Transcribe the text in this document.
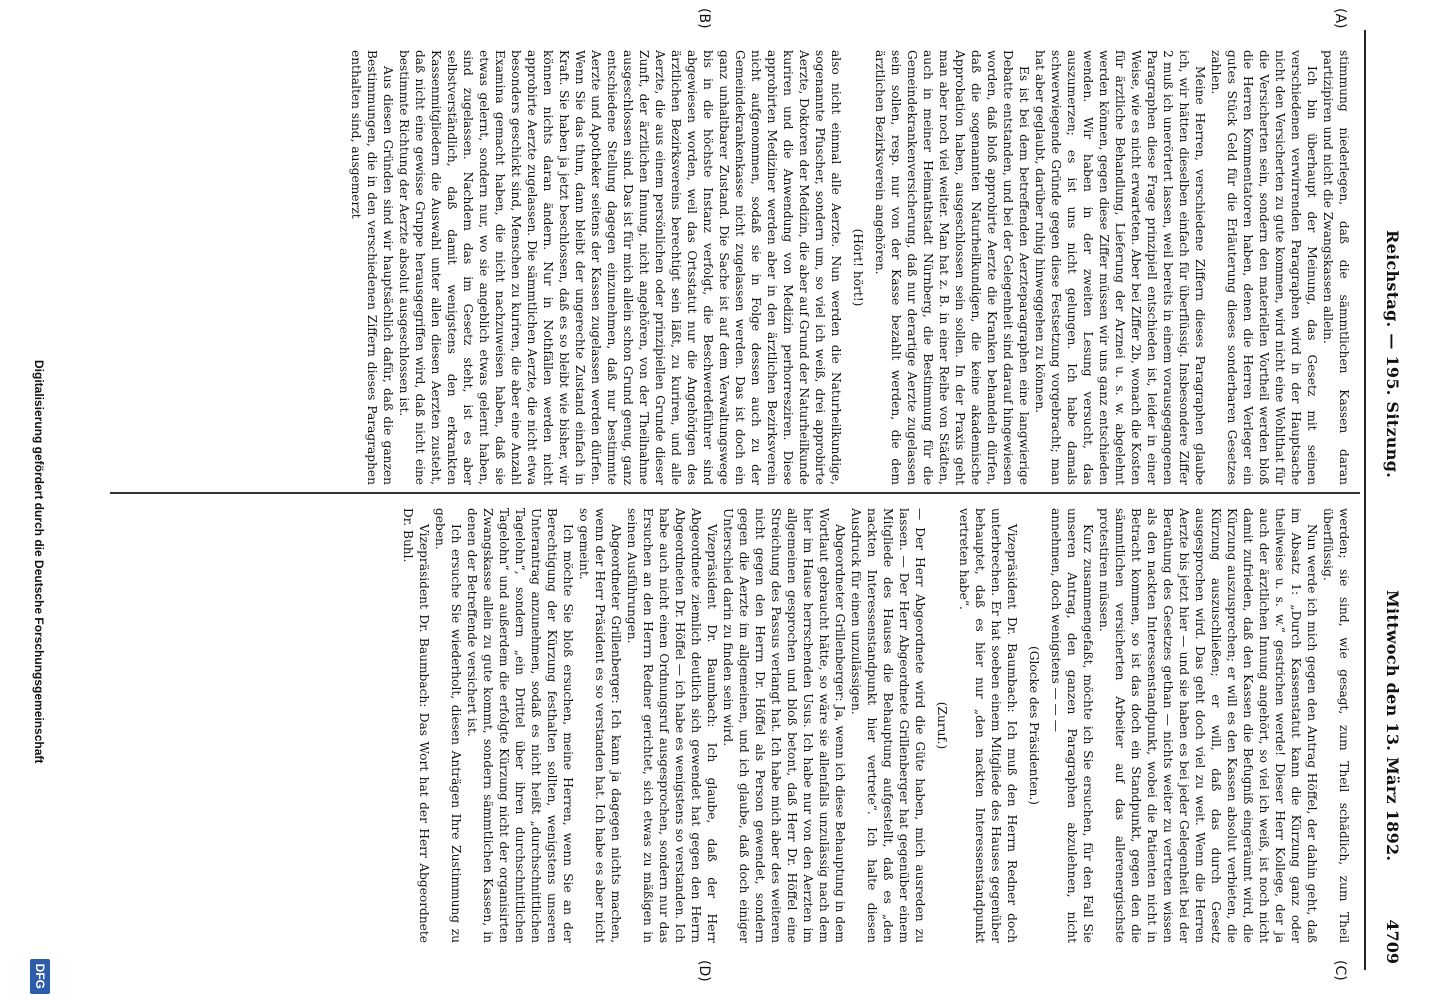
Reichstag. — 195. Sitzung.
Mittwoch den 13. März 1892.
4709
(A)
(B)
(C)
(D)

stimmung niederlegen, daß die sämmtlichen Kassen daran partizipiren und nicht die Zwangskassen allein.

Ich bin überhaupt der Meinung, das Gesetz mit seinen verschiedenen verwirrenden Paragraphen wird in der Hauptsache nicht den Versicherten zu gute kommen, wird nicht eine Wohlthat für die Versicherten sein, sondern den materiellen Vortheil werden bloß die Herren Kommentatoren haben, denen die Herren Verleger ein gutes Stück Geld für die Erläuterung dieses sonderbaren Gesetzes zahlen.

Meine Herren, verschiedene Ziffern dieses Paragraphen glaube ich, wir hätten dieselben einfach für überflüssig. Insbesondere Ziffer 2 muß ich unerörtert lassen, weil bereits in einem vorausgegangenen Paragraphen diese Frage prinzipiell entschieden ist, leider in einer Weise, wie es nicht erwarteten. Aber bei Ziffer 2b, wonach die Kosten für ärztliche Behandlung, Lieferung der Arznei u. s. w. abgelehnt werden können, gegen diese Ziffer müssen wir uns ganz entschieden wenden. Wir haben in der zweiten Lesung versucht, das auszumerzen; es ist uns nicht gelungen. Ich habe damals schwerwiegende Gründe gegen diese Festsetzung vorgebracht; man hat aber geglaubt, darüber ruhig hinweggehen zu können.

Es ist bei dem betreffenden Aerzteparagraphen eine langwierige Debatte entstanden, und bei der Gelegenheit sind darauf hingewiesen worden, daß bloß approbirte Aerzte die Kranken behandeln dürfen, daß die sogenannten Naturheilkundigen, die keine akademische Approbation haben, ausgeschlossen sein sollen. In der Praxis geht man aber noch viel weiter. Man hat z. B. in einer Reihe von Städten, auch in meiner Heimathstadt Nürnberg, die Bestimmung für die Gemeindekrankenversicherung, daß nur derartige Aerzte zugelassen sein sollen, resp. nur von der Kasse bezahlt werden, die dem ärztlichen Bezirksverein angehören.

(Hört! hört!)

also nicht einmal alle Aerzte. Nun werden die Naturheilkundige, sogenannte Pfuscher, sondern um, so viel ich weiß, drei approbirte Aerzte, Doktoren der Medizin, die aber auf Grund der Naturheilkunde kuriren und die Anwendung von Medizin perhorresziren. Diese approbirten Mediziner werden aber in den ärztlichen Bezirksverein nicht aufgenommen, sodaß sie in Folge dessen auch zu der Gemeindekrankenkasse nicht zugelassen werden. Das ist doch ein ganz unhaltbarer Zustand. Die Sache ist auf dem Verwaltungswege bis in die höchste Instanz verfolgt, die Beschwerdeführer sind abgewiesen worden, weil das Ortsstatut nur die Angehörigen des ärztlichen Bezirksvereins berechtigt sein läßt, zu kuriren, und alle Aerzte, die aus einem persönlichen oder prinzipiellen Grunde dieser Zunft, der ärztlichen Innung, nicht angehören, von der Theilnahme ausgeschlossen sind. Das ist für mich allein schon Grund genug, ganz entschiedene Stellung dagegen einzunehmen, daß nur bestimmte Aerzte und Apotheker seitens der Kassen zugelassen werden dürfen. Wenn Sie das thun, dann bleibt der ungerechte Zustand einfach in Kraft. Sie haben ja jetzt beschlossen, daß es so bleibt wie bisher, wir können nichts daran ändern. Nur in Nothfällen werden nicht approbirte Aerzte zugelassen. Die sämmtlichen Aerzte, die nicht etwa besonders geschickt sind, Menschen zu kuriren, die aber eine Anzahl Examina gemacht haben, die nicht nachzuweisen haben, daß sie etwas gelernt, sondern nur, wo sie angeblich etwas gelernt haben, sind zugelassen. Nachdem das im Gesetz steht, ist es aber selbstverständlich, daß damit wenigstens den erkrankten Kassenmitgliedern die Auswahl unter allen diesen Aerzten zusteht, daß nicht eine gewisse Gruppe herausgegriffen wird, daß nicht eine bestimmte Richtung der Aerzte absolut ausgeschlossen ist.

Aus diesen Gründen sind wir hauptsächlich dafür, daß die ganzen Bestimmungen, die in den verschiedenen Ziffern dieses Paragraphen enthalten sind, ausgemerzt

werden; sie sind, wie gesagt, zum Theil schädlich, zum Theil überflüssig.

Nun werde ich mich gegen den Antrag Höffel, der dahin geht, daß im Absatz 1: „Durch Kassenstatut kann die Kürzung ganz oder theilweise u. s. w.“ gestrichen werde! Dieser Herr Kollege, der ja auch der ärztlichen Innung angehört, so viel ich weiß, ist noch nicht damit zufrieden, daß den Kassen die Befugniß eingeräumt wird, die Kürzung auszusprechen; er will es den Kassen absolut verbieten, die Kürzung auszuschließen; er will, daß das durch Gesetz ausgesprochen wird. Das geht doch viel zu weit. Wenn die Herren Aerzte bis jetzt hier — und sie haben es bei jeder Gelegenheit bei der Berathung des Gesetzes gethan — nichts weiter zu vertreten wissen als den nackten Interessenstandpunkt, wobei die Patienten nicht in Betracht kommen, so ist das doch ein Standpunkt, gegen den die sämmtlichen versicherten Arbeiter auf das allerenergischste protestiren müssen.

Kurz zusammengefaßt, möchte ich Sie ersuchen, für den Fall Sie unseren Antrag, den ganzen Paragraphen abzulehnen, nicht annehmen, doch wenigstens — — —

(Glocke des Präsidenten.)

Vizepräsident Dr. Baumbach: Ich muß den Herrn Redner doch unterbrechen. Er hat soeben einem Mitgliede des Hauses gegenüber behauptet, daß es hier nur „den nackten Interessenstandpunkt vertreten habe“.

(Zuruf.)

— Der Herr Abgeordnete wird die Güte haben, mich ausreden zu lassen. — Der Herr Abgeordnete Grillenberger hat gegenüber einem Mitgliede des Hauses die Behauptung aufgestellt, daß es „den nackten Interessenstandpunkt hier vertrete“. Ich halte diesen Ausdruck für einen unzulässigen.

Abgeordneter Grillenberger: Ja, wenn ich diese Behauptung in dem Wortlaut gebraucht hätte, so wäre sie allenfalls unzulässig nach dem hier im Hause herrschenden Usus. Ich habe nur von den Aerzten im allgemeinen gesprochen und bloß betont, daß Herr Dr. Höffel eine Streichung des Passus verlangt hat. Ich habe mich aber des weiteren nicht gegen den Herrn Dr. Höffel als Person gewendet, sondern gegen die Aerzte im allgemeinen, und ich glaube, daß doch einiger Unterschied darin zu finden sein wird.

Vizepräsident Dr. Baumbach: Ich glaube, daß der Herr Abgeordnete ziemlich deutlich sich gewendet hat gegen den Herrn Abgeordneten Dr. Höffel — ich habe es wenigstens so verstanden. Ich habe auch nicht einen Ordnungsruf ausgesprochen, sondern nur das Ersuchen an den Herrn Redner gerichtet, sich etwas zu mäßigen in seinen Ausführungen.

Abgeordneter Grillenberger: Ich kann ja dagegen nichts machen, wenn der Herr Präsident es so verstanden hat. Ich habe es aber nicht so gemeint.

Ich möchte Sie bloß ersuchen, meine Herren, wenn Sie an der Berechtigung der Kürzung festhalten sollten, wenigstens unseren Unterantrag anzunehmen, sodaß es nicht heißt „durchschnittlichen Tagelohn“, sondern „ein Drittel über ihren durchschnittlichen Tagelohn“ und außerdem die erfolgte Kürzung nicht der organisirten Zwangskasse allein zu gute kommt, sondern sämmtlichen Kassen, in denen der Betreffende versichert ist.

Ich ersuche Sie wiederholt, diesen Anträgen Ihre Zustimmung zu geben.

Vizepräsident Dr. Baumbach: Das Wort hat der Herr Abgeordnete Dr. Buhl.

Digitalisierung gefördert durch die Deutsche Forschungsgemeinschaft
DFG
